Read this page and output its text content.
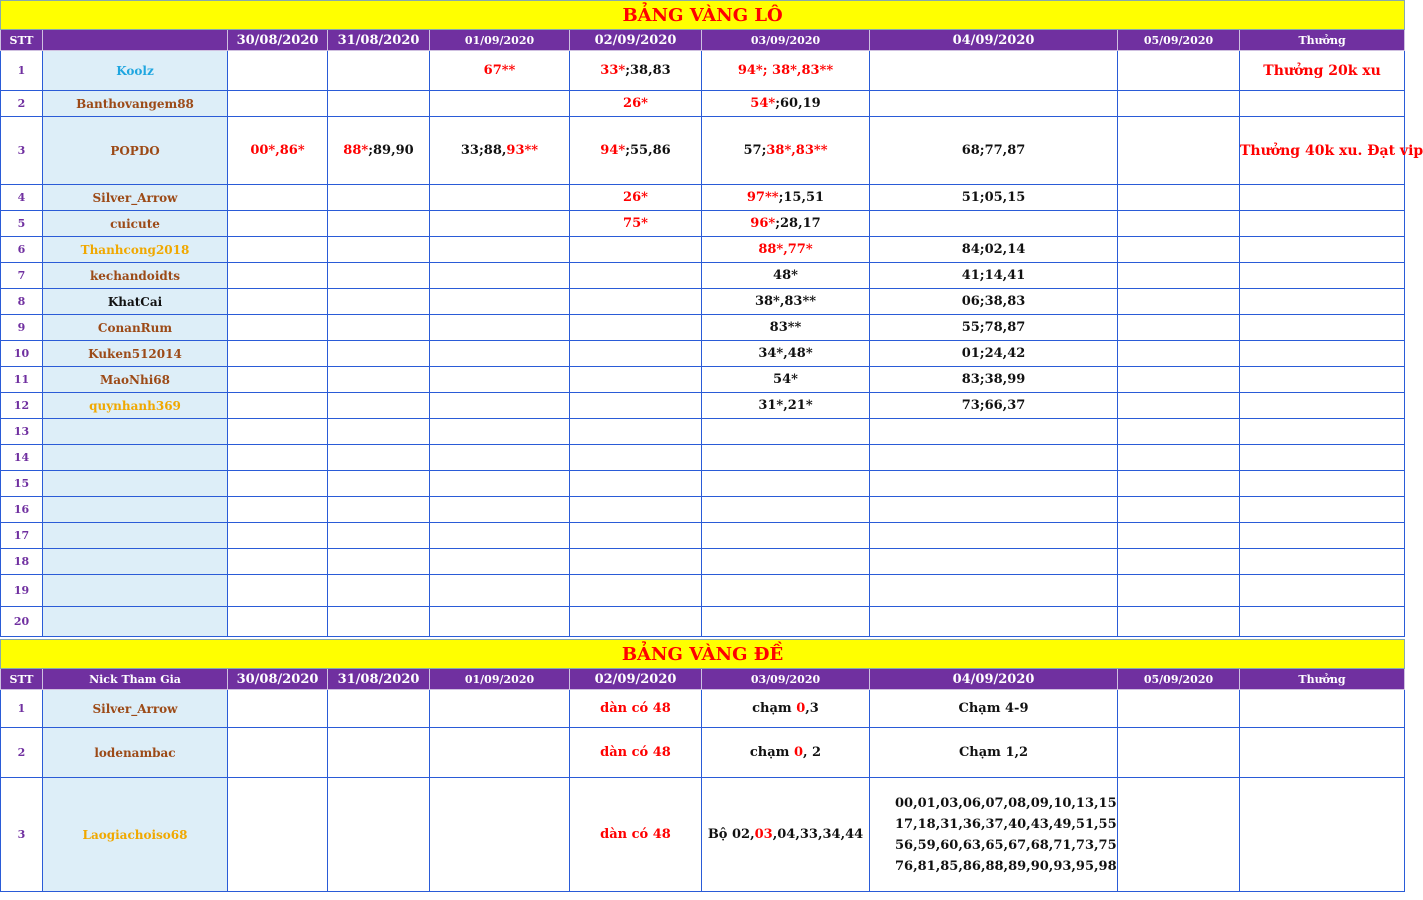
BẢNG VÀNG LÔ									
STT		30/08/2020	31/08/2020	01/09/2020	02/09/2020	03/09/2020	04/09/2020	05/09/2020	Thưởng
1	Koolz			67**	33*;38,83	94*; 38*,83**			Thưởng 20k xu
2	Banthovangem88				26*	54*;60,19			
3	POPDO	00*,86*	88*;89,90	33;88,93**	94*;55,86	57;38*,83**	68;77,87		Thưởng 40k xu. Đạt vip
4	Silver_Arrow				26*	97**;15,51	51;05,15		
5	cuicute				75*	96*;28,17			
6	Thanhcong2018					88*,77*	84;02,14		
7	kechandoidts					48*	41;14,41		
8	KhatCai					38*,83**	06;38,83		
9	ConanRum					83**	55;78,87		
10	Kuken512014					34*,48*	01;24,42		
11	MaoNhi68					54*	83;38,99		
12	quynhanh369					31*,21*	73;66,37		
13									
14									
15									
16									
17									
18									
19									
20									
BẢNG VÀNG ĐỀ									
STT	Nick Tham Gia	30/08/2020	31/08/2020	01/09/2020	02/09/2020	03/09/2020	04/09/2020	05/09/2020	Thưởng
1	Silver_Arrow				dàn có 48	chạm 0,3	Chạm 4-9		
2	lodenambac				dàn có 48	chạm 0, 2	Chạm 1,2		
3	Laogiachoiso68				dàn có 48	Bộ 02,03,04,33,34,44	00,01,03,06,07,08,09,10,13,15
17,18,31,36,37,40,43,49,51,55
56,59,60,63,65,67,68,71,73,75
76,81,85,86,88,89,90,93,95,98		
